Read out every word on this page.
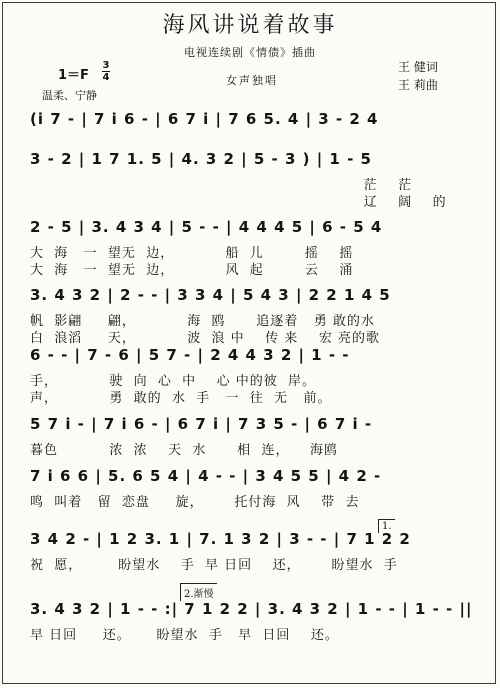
海风讲说着故事
电视连续剧《情债》插曲
王 健词
王 莉曲
1＝F
3
4	女声独唱
温柔、宁静
(i 7 - | 7 i 6 - | 6 7 i | 7 6 5. 4 | 3 - 2 4
3 - 2 | 1 7 1. 5 | 4. 3 2 | 5 - 3 ) | 1 - 5
茫    茫
辽    阔    的
2 - 5 | 3. 4 3 4 | 5 - - | 4 4 4 5 | 6 - 5 4
大  海   一  望无  边，          船  儿        摇    摇
大  海   一  望无  边，          风  起        云    涌
3. 4 3 2 | 2 - - | 3 3 4 | 5 4 3 | 2 2 1 4 5
帆  影翩     翩，          海  鸥      追逐着   勇 敢的水
白  浪滔     天，          波  浪 中    传 来    宏 亮的歌
6 - - | 7 - 6 | 5 7 - | 2 4 4 3 2 | 1 - -
手，          驶  向  心  中    心 中的彼  岸。
声，          勇  敢的  水  手   一  往  无   前。
5 7 i - | 7 i 6 - | 6 7 i | 7 3 5 - | 6 7 i -
暮色          浓  浓    天  水      相  连，    海鸥
7 i 6 6 | 5. 6 5 4 | 4 - - | 3 4 5 5 | 4 2 -
鸣  叫着   留  恋盘     旋，      托付海  风    带  去
3 4 2 - | 1 2 3. 1 | 7. 1 3 2 | 3 - - | 7 1 2 2
祝  愿，       盼望水    手  早 日回    还，      盼望水  手
3. 4 3 2 | 1 - - :| 7 1 2 2 | 3. 4 3 2 | 1 - - | 1 - - ||
早 日回     还。     盼望水  手   早  日回    还。
1.
2.渐慢
